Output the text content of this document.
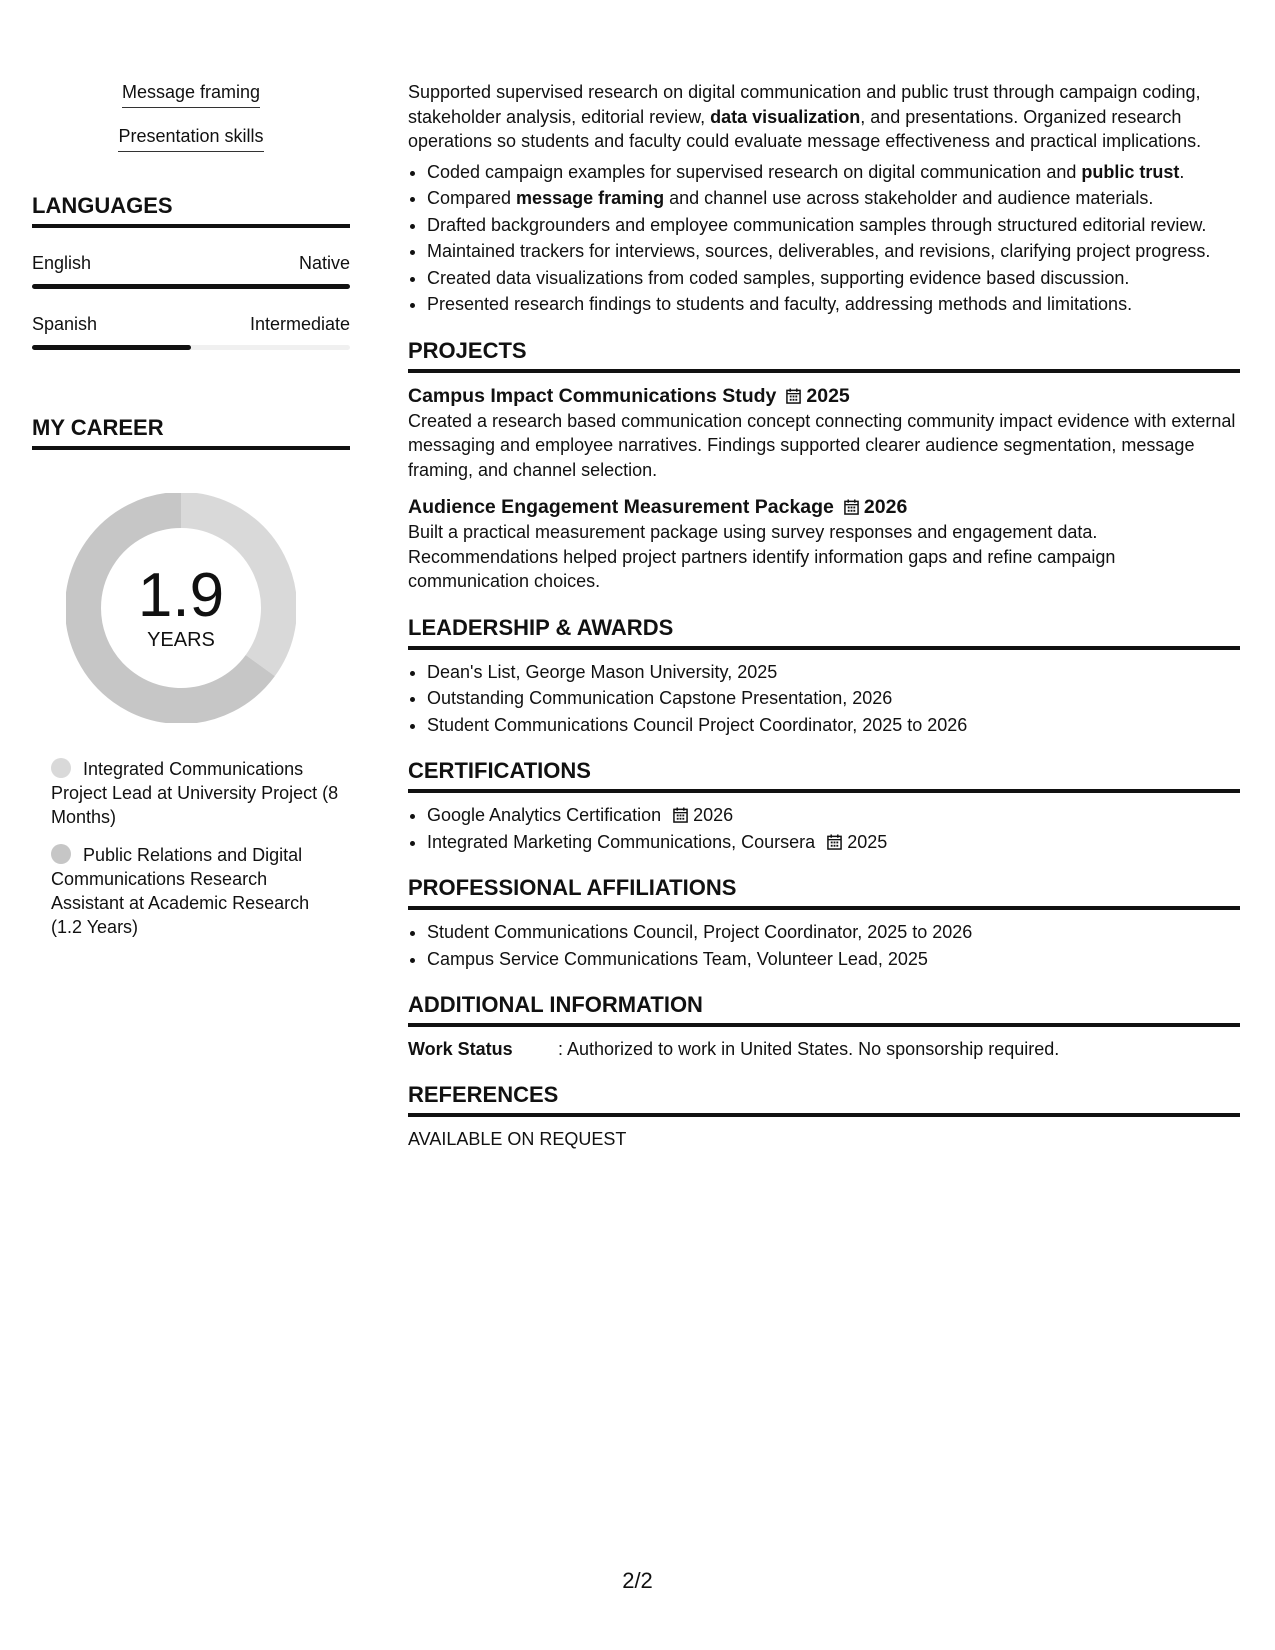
Message framing
Presentation skills
LANGUAGES
English	Native
Spanish	Intermediate
MY CAREER
1.9
YEARS
Integrated Communications Project Lead at University Project (8 Months)
Public Relations and Digital Communications Research Assistant at Academic Research (1.2 Years)

Supported supervised research on digital communication and public trust through campaign coding, stakeholder analysis, editorial review, data visualization, and presentations. Organized research operations so students and faculty could evaluate message effectiveness and practical implications.

• Coded campaign examples for supervised research on digital communication and public trust.
• Compared message framing and channel use across stakeholder and audience materials.
• Drafted backgrounders and employee communication samples through structured editorial review.
• Maintained trackers for interviews, sources, deliverables, and revisions, clarifying project progress.
• Created data visualizations from coded samples, supporting evidence based discussion.
• Presented research findings to students and faculty, addressing methods and limitations.
PROJECTS
Campus Impact Communications Study 2025

Created a research based communication concept connecting community impact evidence with external messaging and employee narratives. Findings supported clearer audience segmentation, message framing, and channel selection.

Audience Engagement Measurement Package 2026

Built a practical measurement package using survey responses and engagement data. Recommendations helped project partners identify information gaps and refine campaign communication choices.

LEADERSHIP & AWARDS
• Dean's List, George Mason University, 2025
• Outstanding Communication Capstone Presentation, 2026
• Student Communications Council Project Coordinator, 2025 to 2026
CERTIFICATIONS
• Google Analytics Certification 2026
• Integrated Marketing Communications, Coursera 2025
PROFESSIONAL AFFILIATIONS
• Student Communications Council, Project Coordinator, 2025 to 2026
• Campus Service Communications Team, Volunteer Lead, 2025
ADDITIONAL INFORMATION
Work Status	: Authorized to work in United States. No sponsorship required.
REFERENCES

AVAILABLE ON REQUEST

2/2
